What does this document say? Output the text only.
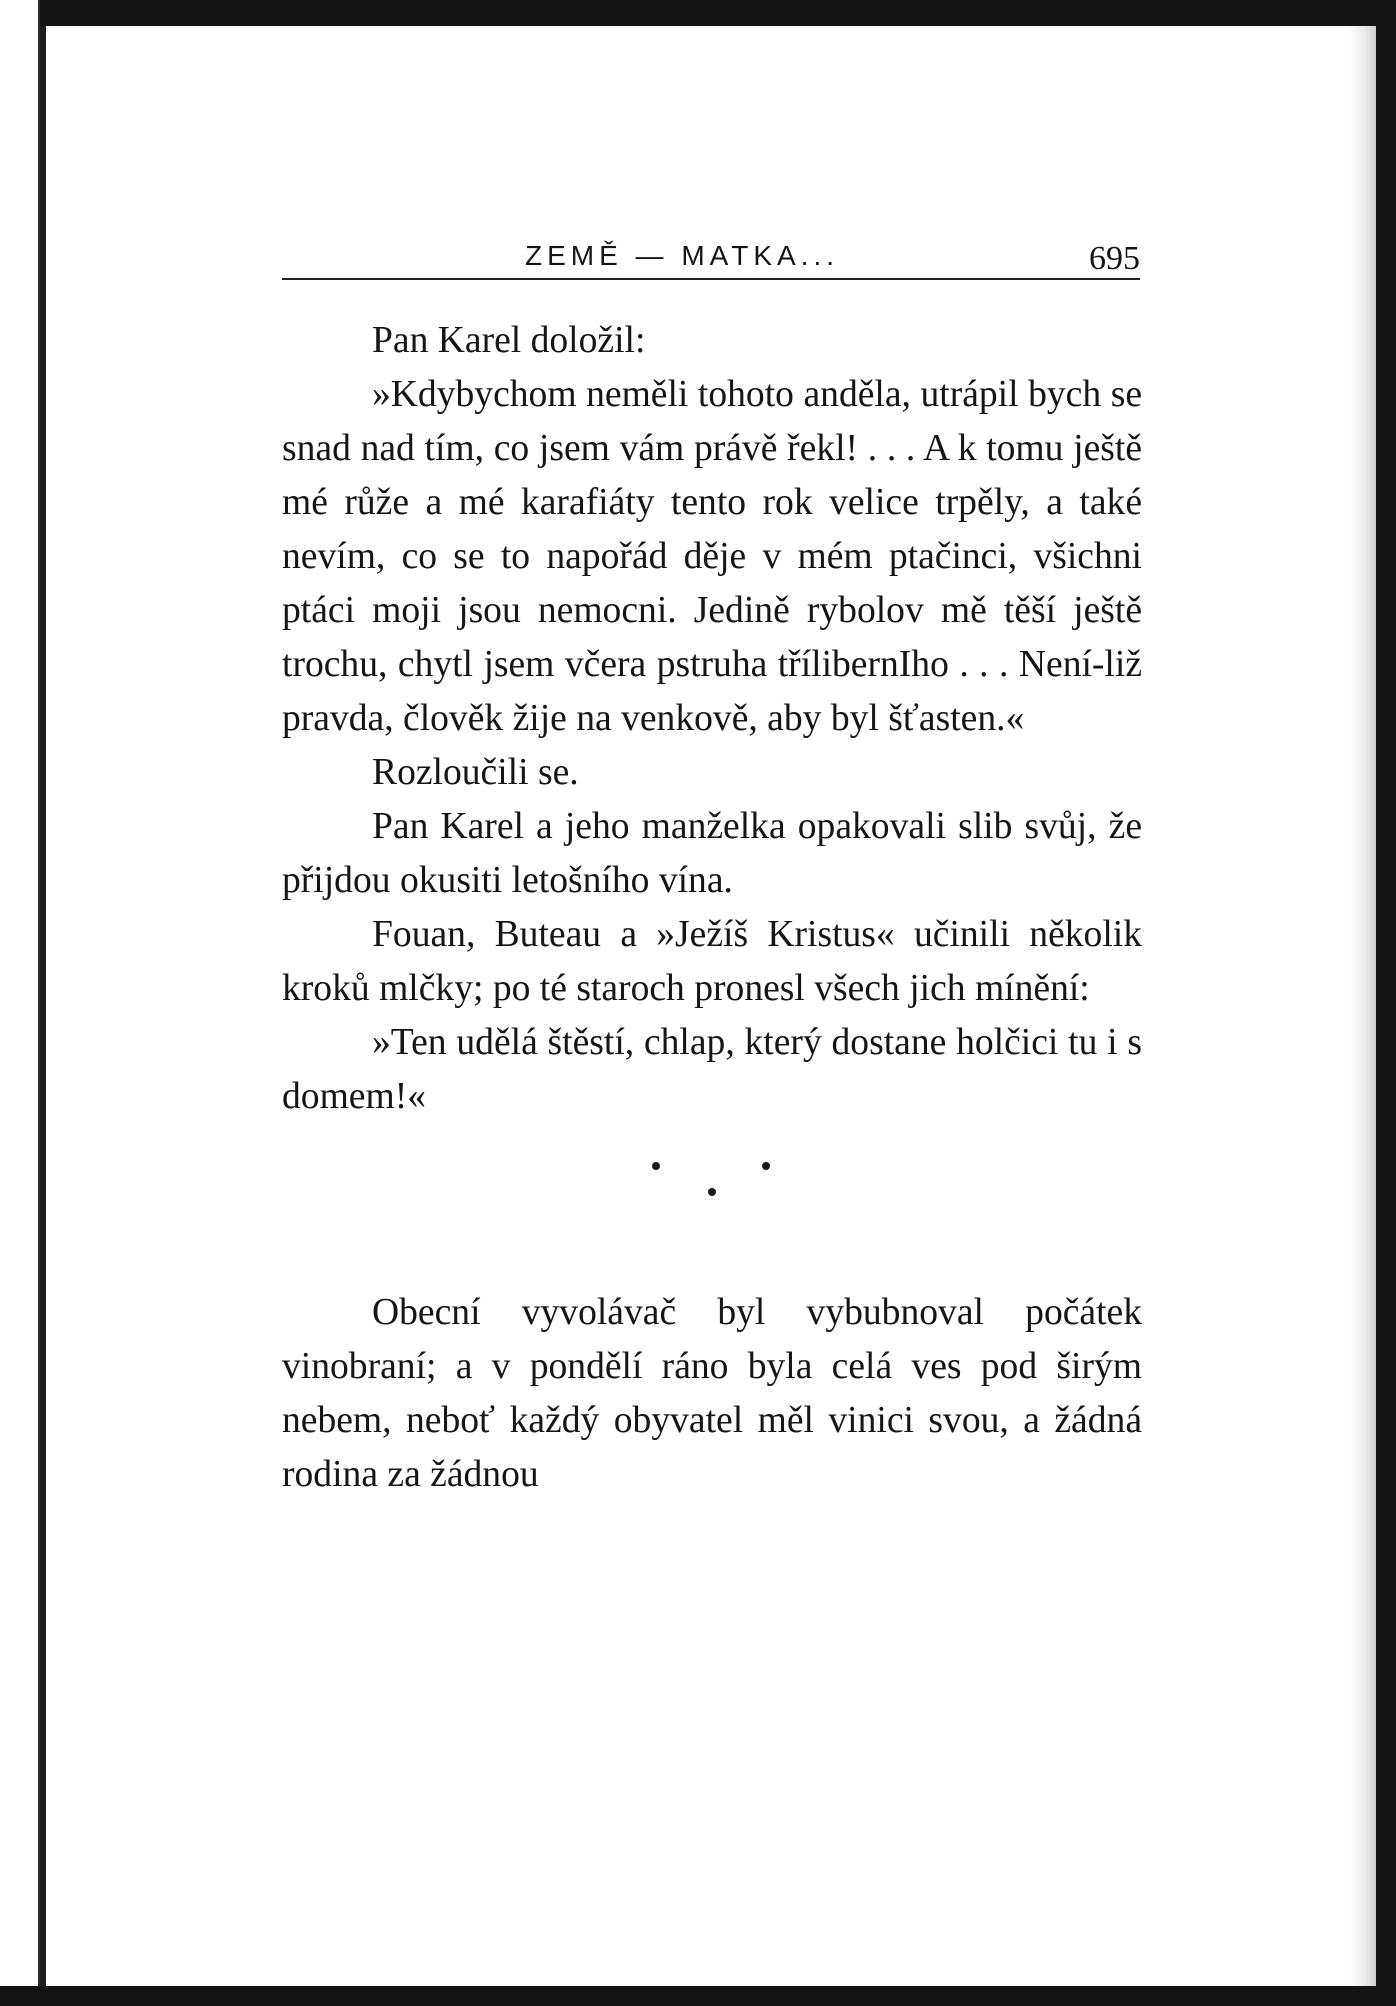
ZEMĚ — MATKA...	695

Pan Karel doložil:

»Kdybychom neměli tohoto anděla, utrápil bych se snad nad tím, co jsem vám právě řekl! . . . A k tomu ještě mé růže a mé karafiáty tento rok velice trpěly, a také nevím, co se to napořád děje v mém ptačinci, všichni ptáci moji jsou nemocni. Jedině rybolov mě těší ještě trochu, chytl jsem včera pstruha třílibernIho . . . Není-liž pravda, člověk žije na venkově, aby byl šťasten.«

Rozloučili se.

Pan Karel a jeho manželka opakovali slib svůj, že přijdou okusiti letošního vína.

Fouan, Buteau a »Ježíš Kristus« učinili několik kroků mlčky; po té staroch pronesl všech jich mínění:

»Ten udělá štěstí, chlap, který dostane holčici tu i s domem!«

Obecní vyvolávač byl vybubnoval počátek vinobraní; a v pondělí ráno byla celá ves pod širým nebem, neboť každý obyvatel měl vinici svou, a žádná rodina za žádnou
